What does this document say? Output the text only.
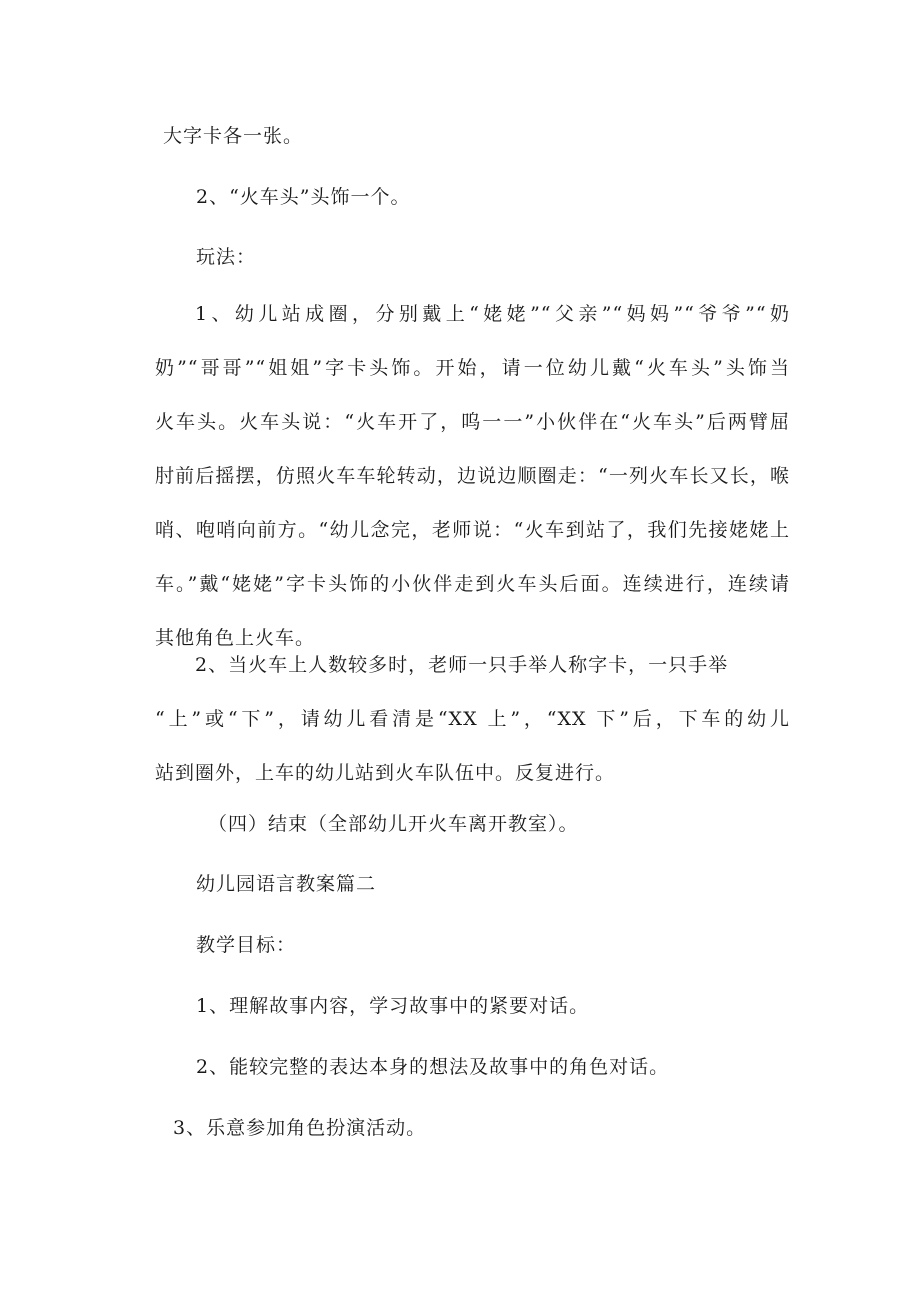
大字卡各一张。
2、“火车头”头饰一个。
玩法：
1、幼儿站成圈，分别戴上“姥姥”“父亲”“妈妈”“爷爷”“奶
奶”“哥哥”“姐姐”字卡头饰。开始，请一位幼儿戴“火车头”头饰当
火车头。火车头说：“火车开了，呜一一”小伙伴在“火车头”后两臂屈
肘前后摇摆，仿照火车车轮转动，边说边顺圈走：“一列火车长又长，喉
哨、咆哨向前方。“幼儿念完，老师说：“火车到站了，我们先接姥姥上
车。”戴“姥姥”字卡头饰的小伙伴走到火车头后面。连续进行，连续请
其他角色上火车。
2、当火车上人数较多时，老师一只手举人称字卡，一只手举
“上”或“下”，请幼儿看清是“XX 上”，“XX 下”后，下车的幼儿
站到圈外，上车的幼儿站到火车队伍中。反复进行。
（四）结束（全部幼儿开火车离开教室）。
幼儿园语言教案篇二
教学目标：
1、理解故事内容，学习故事中的紧要对话。
2、能较完整的表达本身的想法及故事中的角色对话。
3、乐意参加角色扮演活动。
